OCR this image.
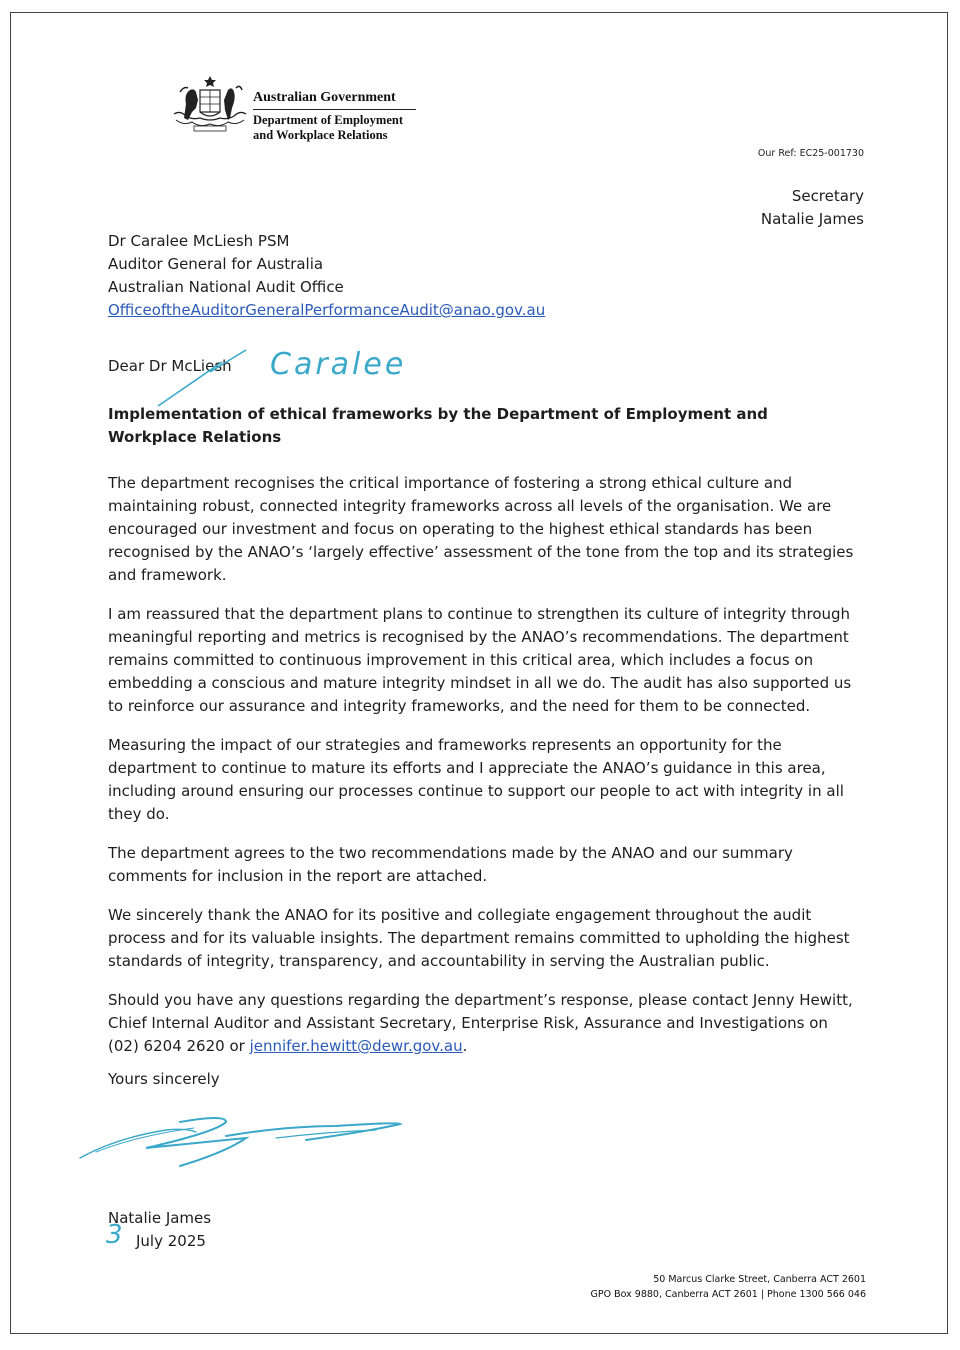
Australian Government
Department of Employment
and Workplace Relations
Our Ref: EC25-001730
Secretary
Natalie James
Dr Caralee McLiesh PSM
Auditor General for Australia
Australian National Audit Office
OfficeoftheAuditorGeneralPerformanceAudit@anao.gov.au
Dear Dr McLiesh Caralee
Implementation of ethical frameworks by the Department of Employment and Workplace Relations

The department recognises the critical importance of fostering a strong ethical culture and maintaining robust, connected integrity frameworks across all levels of the organisation. We are encouraged our investment and focus on operating to the highest ethical standards has been recognised by the ANAO’s ‘largely effective’ assessment of the tone from the top and its strategies and framework.

I am reassured that the department plans to continue to strengthen its culture of integrity through meaningful reporting and metrics is recognised by the ANAO’s recommendations. The department remains committed to continuous improvement in this critical area, which includes a focus on embedding a conscious and mature integrity mindset in all we do. The audit has also supported us to reinforce our assurance and integrity frameworks, and the need for them to be connected.

Measuring the impact of our strategies and frameworks represents an opportunity for the department to continue to mature its efforts and I appreciate the ANAO’s guidance in this area, including around ensuring our processes continue to support our people to act with integrity in all they do.

The department agrees to the two recommendations made by the ANAO and our summary comments for inclusion in the report are attached.

We sincerely thank the ANAO for its positive and collegiate engagement throughout the audit process and for its valuable insights. The department remains committed to upholding the highest standards of integrity, transparency, and accountability in serving the Australian public.

Should you have any questions regarding the department’s response, please contact Jenny Hewitt, Chief Internal Auditor and Assistant Secretary, Enterprise Risk, Assurance and Investigations on (02) 6204 2620 or jennifer.hewitt@dewr.gov.au.

Yours sincerely
Natalie James
3 July 2025
50 Marcus Clarke Street, Canberra ACT 2601
GPO Box 9880, Canberra ACT 2601 | Phone 1300 566 046
